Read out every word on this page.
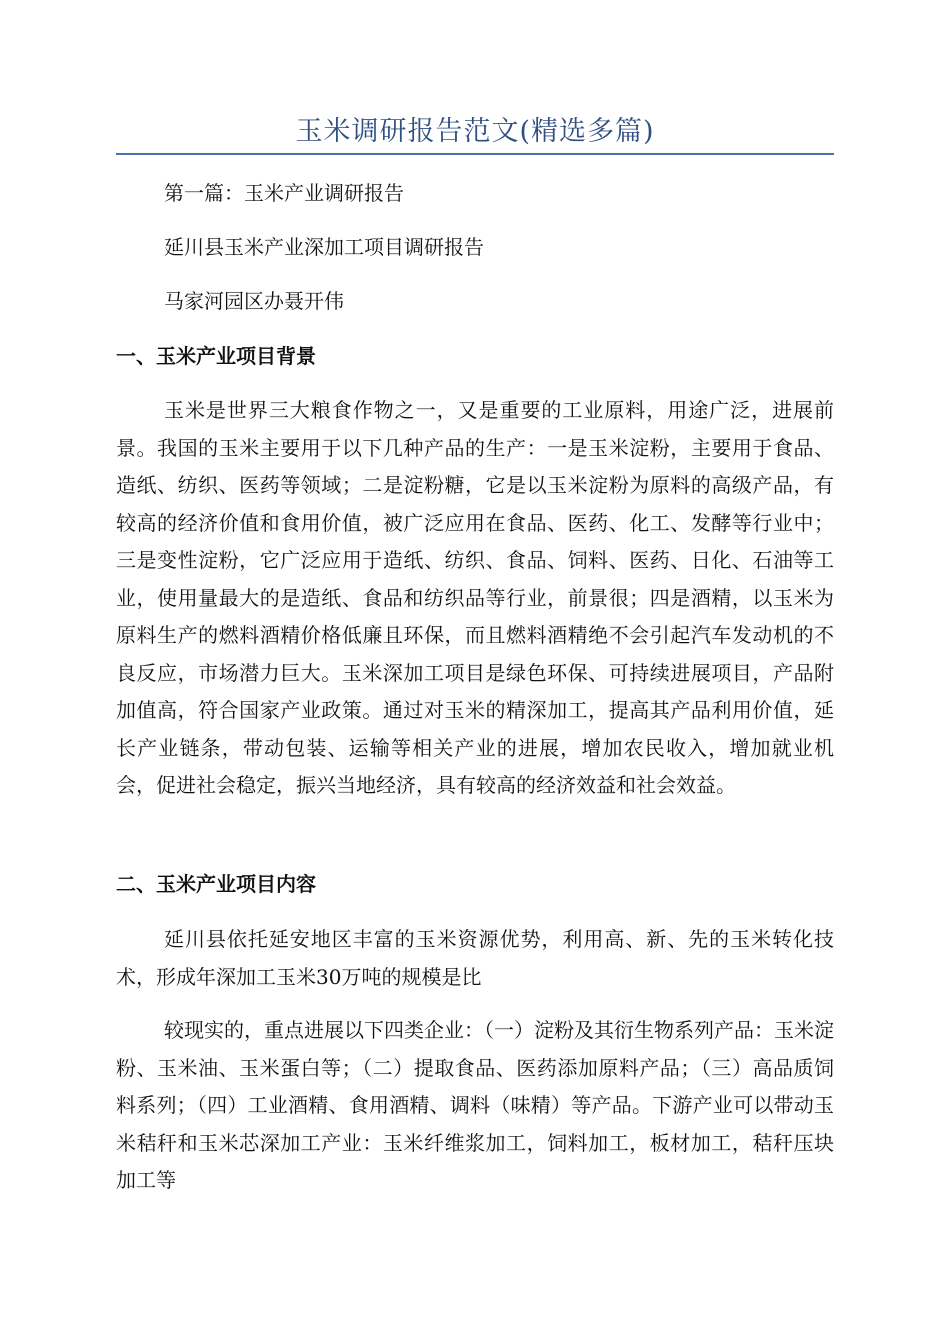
玉米调研报告范文(精选多篇)

第一篇：玉米产业调研报告

延川县玉米产业深加工项目调研报告

马家河园区办聂开伟

一、玉米产业项目背景

玉米是世界三大粮食作物之一，又是重要的工业原料，用途广泛，进展前景。我国的玉米主要用于以下几种产品的生产：一是玉米淀粉，主要用于食品、造纸、纺织、医药等领域；二是淀粉糖，它是以玉米淀粉为原料的高级产品，有较高的经济价值和食用价值，被广泛应用在食品、医药、化工、发酵等行业中；三是变性淀粉，它广泛应用于造纸、纺织、食品、饲料、医药、日化、石油等工业，使用量最大的是造纸、食品和纺织品等行业，前景很；四是酒精，以玉米为原料生产的燃料酒精价格低廉且环保，而且燃料酒精绝不会引起汽车发动机的不良反应，市场潜力巨大。玉米深加工项目是绿色环保、可持续进展项目，产品附加值高，符合国家产业政策。通过对玉米的精深加工，提高其产品利用价值，延长产业链条，带动包装、运输等相关产业的进展，增加农民收入，增加就业机会，促进社会稳定，振兴当地经济，具有较高的经济效益和社会效益。

二、玉米产业项目内容

延川县依托延安地区丰富的玉米资源优势，利用高、新、先的玉米转化技术，形成年深加工玉米30万吨的规模是比

较现实的，重点进展以下四类企业：（一）淀粉及其衍生物系列产品：玉米淀粉、玉米油、玉米蛋白等；（二）提取食品、医药添加原料产品；（三）高品质饲料系列；（四）工业酒精、食用酒精、调料（味精）等产品。下游产业可以带动玉米秸秆和玉米芯深加工产业：玉米纤维浆加工，饲料加工，板材加工，秸秆压块加工等
